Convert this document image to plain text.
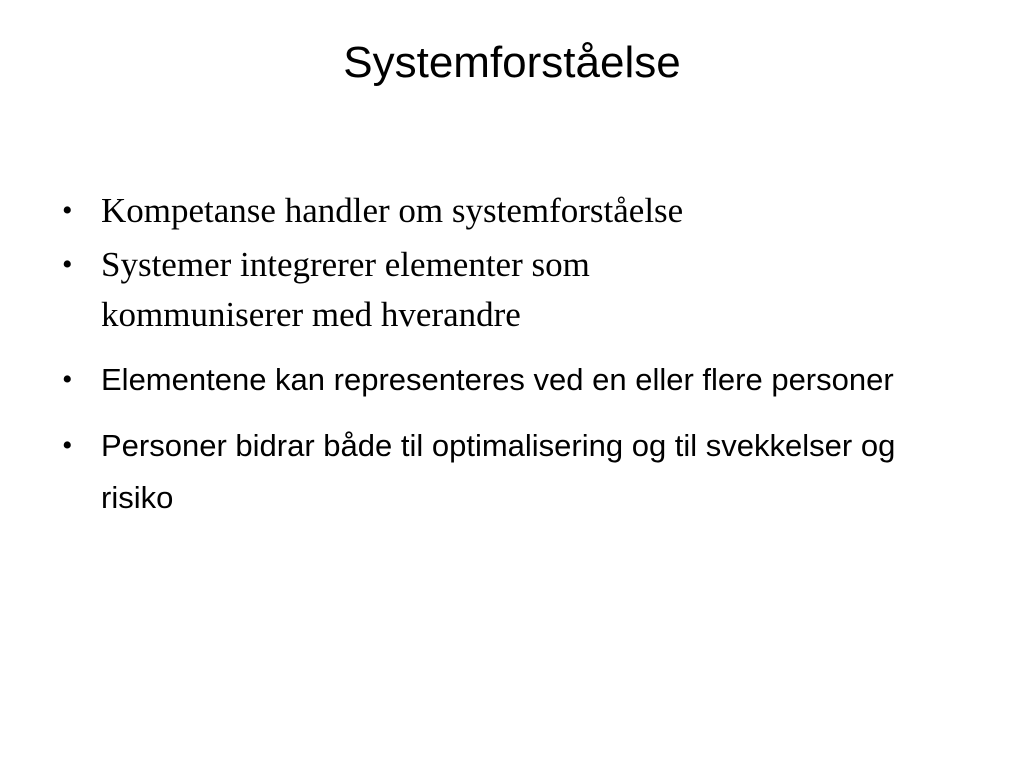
Systemforståelse
• Kompetanse handler om systemforståelse
• Systemer integrerer elementer som kommuniserer med hverandre
• Elementene kan representeres ved en eller flere personer
• Personer bidrar både til optimalisering og til svekkelser og risiko
